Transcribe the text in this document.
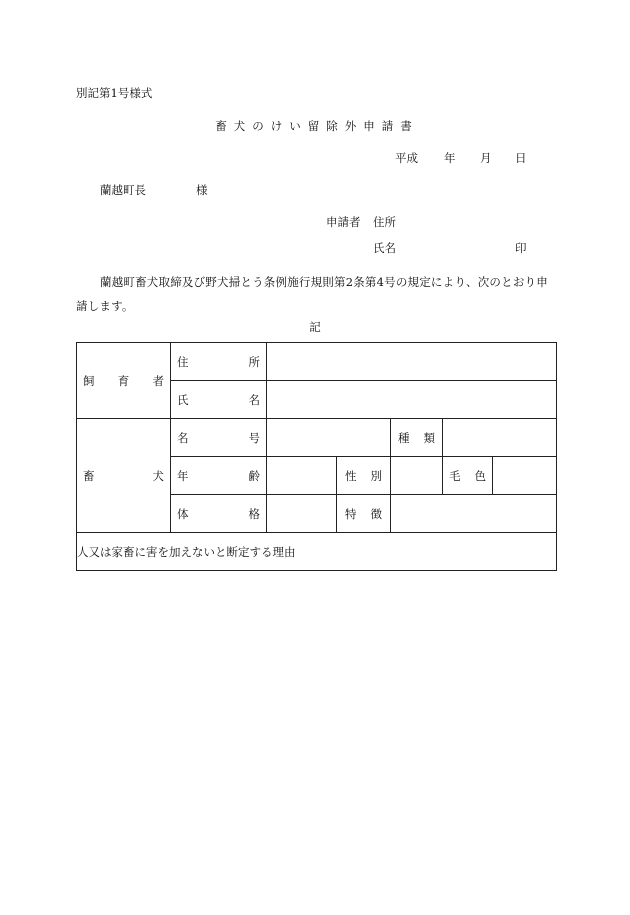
別記第1号様式
畜犬のけい留除外申請書
平成 年 月 日
蘭越町長	様
申請者 住所
氏名	印
蘭越町畜犬取締及び野犬掃とう条例施行規則第2条第4号の規定により、次のとおり申請します。
記
飼 育 者	住 所					

	氏 名					

畜 犬	名 号			種 類		

	年 齢		性 別		毛 色	

	体 格		特 徴			

人又は家畜に害を加えないと断定する理由						
